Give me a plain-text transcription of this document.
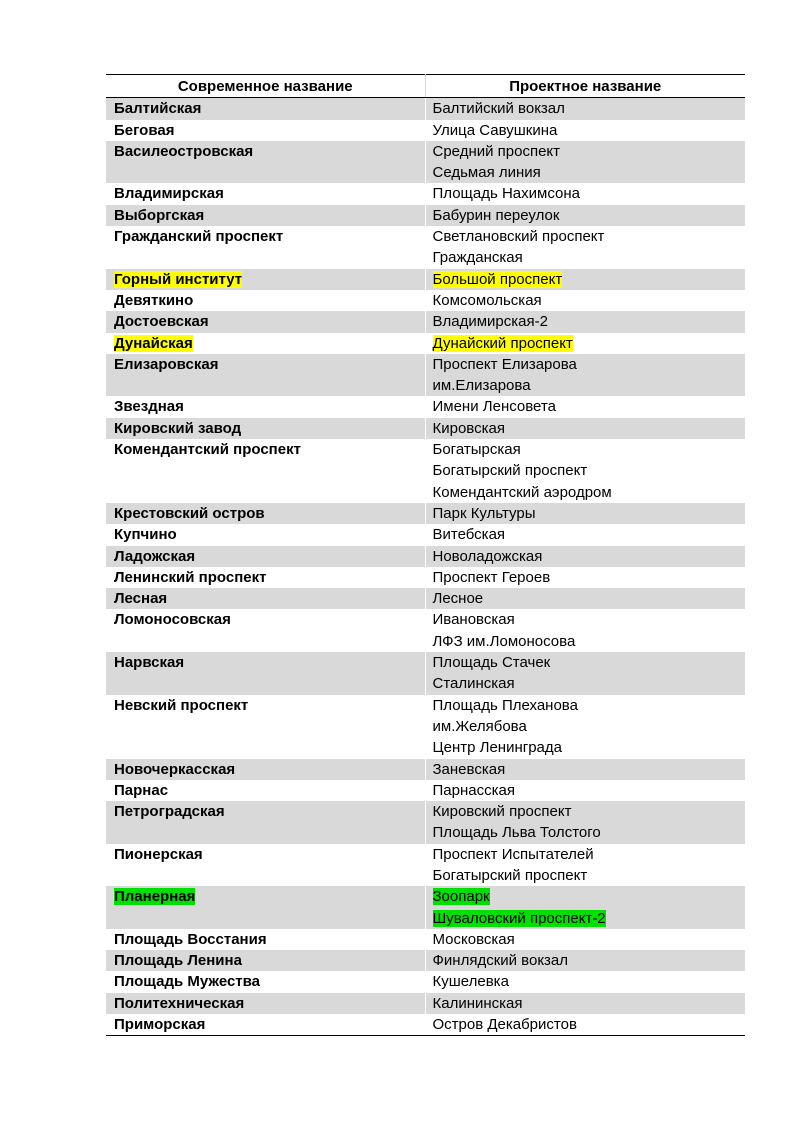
Современное название	Проектное название
Балтийская	Балтийский вокзал

Беговая	Улица Савушкина

Василеостровская	Средний проспект
Седьмая линия

Владимирская	Площадь Нахимсона

Выборгская	Бабурин переулок

Гражданский проспект	Светлановский проспект
Гражданская

Горный институт	Большой проспект

Девяткино	Комсомольская

Достоевская	Владимирская-2

Дунайская	Дунайский проспект

Елизаровская	Проспект Елизарова
им.Елизарова

Звездная	Имени Ленсовета

Кировский завод	Кировская

Комендантский проспект	Богатырская
Богатырский проспект
Комендантский аэродром

Крестовский остров	Парк Культуры

Купчино	Витебская

Ладожская	Новоладожская

Ленинский проспект	Проспект Героев

Лесная	Лесное

Ломоносовская	Ивановская
ЛФЗ им.Ломоносова

Нарвская	Площадь Стачек
Сталинская

Невский проспект	Площадь Плеханова
им.Желябова
Центр Ленинграда

Новочеркасская	Заневская

Парнас	Парнасская

Петроградская	Кировский проспект
Площадь Льва Толстого

Пионерская	Проспект Испытателей
Богатырский проспект

Планерная	Зоопарк
Шуваловский проспект-2

Площадь Восстания	Московская

Площадь Ленина	Финлядский вокзал

Площадь Мужества	Кушелевка

Политехническая	Калининская

Приморская	Остров Декабристов
